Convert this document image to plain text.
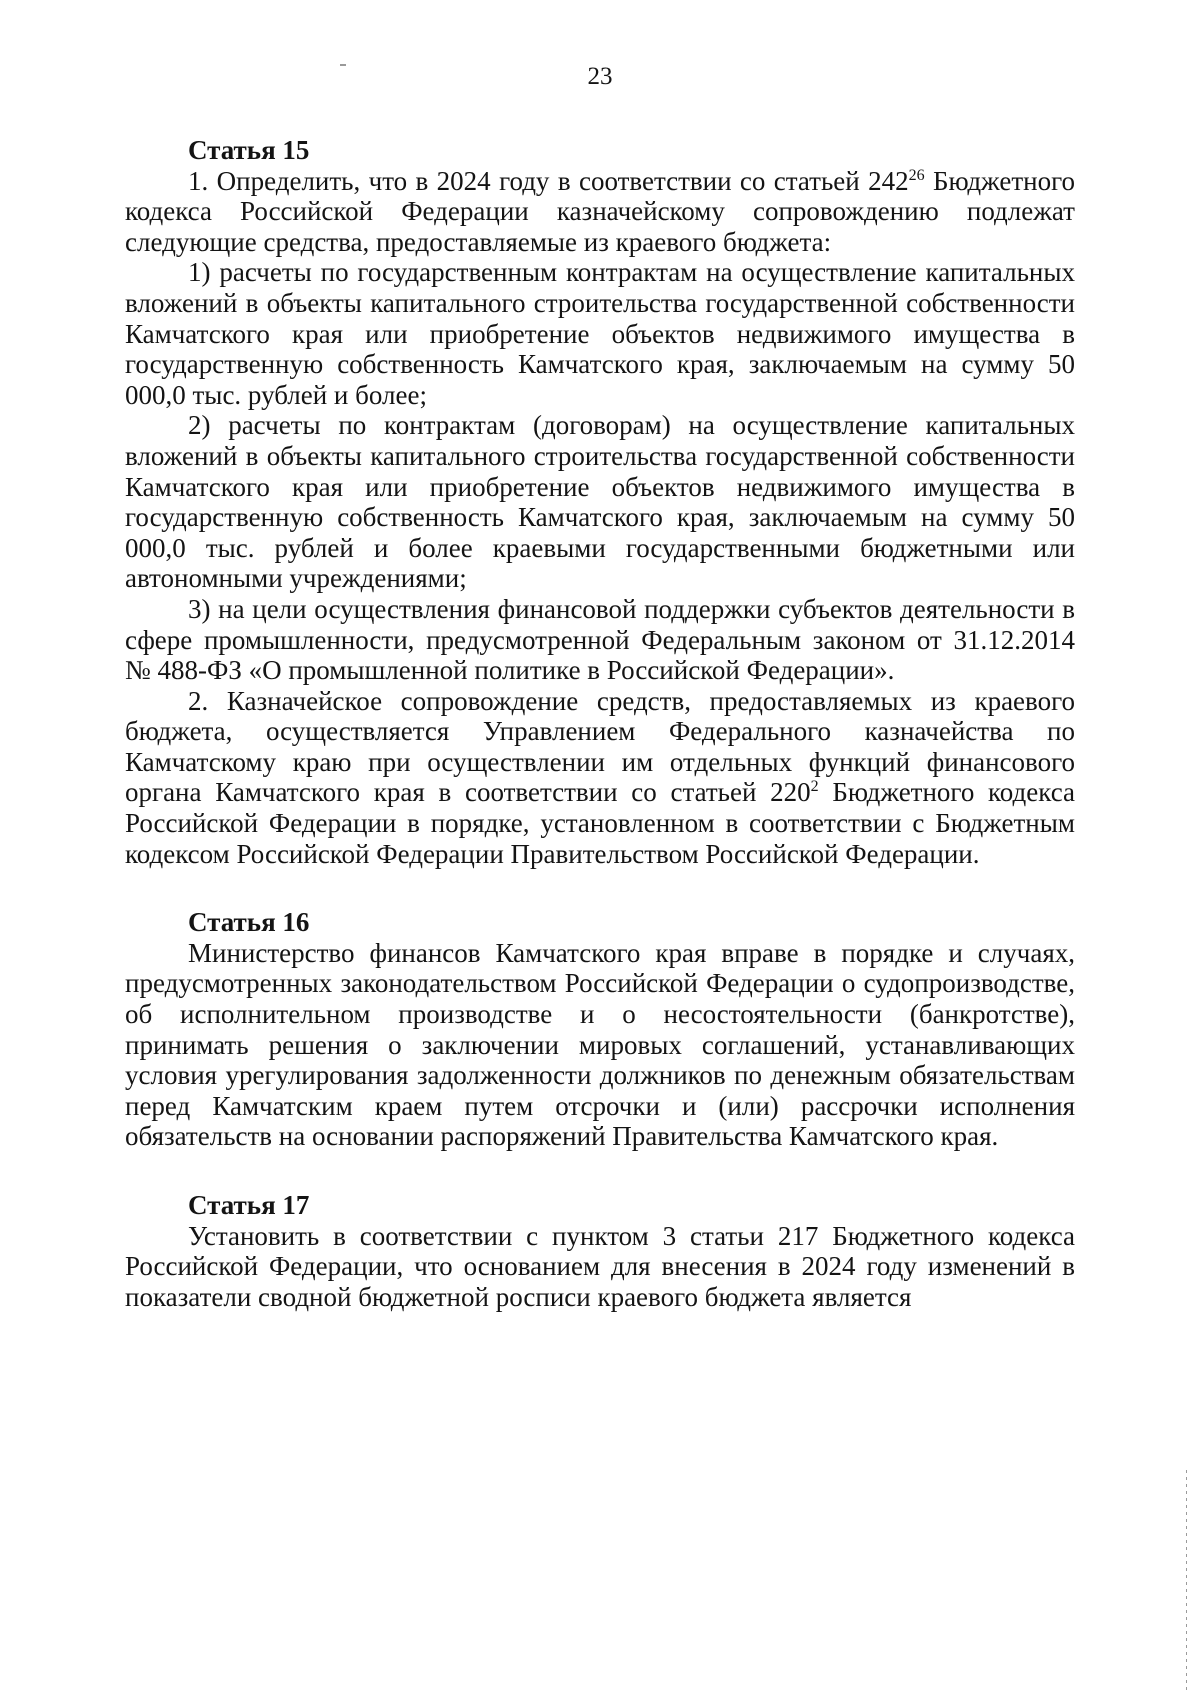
23

Статья 15

1. Определить, что в 2024 году в соответствии со статьей $242^{26}$ Бюджетного кодекса Российской Федерации казначейскому сопровождению подлежат следующие средства, предоставляемые из краевого бюджета:

1) расчеты по государственным контрактам на осуществление капитальных вложений в объекты капитального строительства государственной собственности Камчатского края или приобретение объектов недвижимого имущества в государственную собственность Камчатского края, заключаемым на сумму 50 000,0 тыс. рублей и более;

2) расчеты по контрактам (договорам) на осуществление капитальных вложений в объекты капитального строительства государственной собственности Камчатского края или приобретение объектов недвижимого имущества в государственную собственность Камчатского края, заключаемым на сумму 50 000,0 тыс. рублей и более краевыми государственными бюджетными или автономными учреждениями;

3) на цели осуществления финансовой поддержки субъектов деятельности в сфере промышленности, предусмотренной Федеральным законом от 31.12.2014 № 488-ФЗ «О промышленной политике в Российской Федерации».

2. Казначейское сопровождение средств, предоставляемых из краевого бюджета, осуществляется Управлением Федерального казначейства по Камчатскому краю при осуществлении им отдельных функций финансового органа Камчатского края в соответствии со статьей $220^2$ Бюджетного кодекса Российской Федерации в порядке, установленном в соответствии с Бюджетным кодексом Российской Федерации Правительством Российской Федерации.

Статья 16

Министерство финансов Камчатского края вправе в порядке и случаях, предусмотренных законодательством Российской Федерации о судопроизводстве, об исполнительном производстве и о несостоятельности (банкротстве), принимать решения о заключении мировых соглашений, устанавливающих условия урегулирования задолженности должников по денежным обязательствам перед Камчатским краем путем отсрочки и (или) рассрочки исполнения обязательств на основании распоряжений Правительства Камчатского края.

Статья 17

Установить в соответствии с пунктом 3 статьи 217 Бюджетного кодекса Российской Федерации, что основанием для внесения в 2024 году изменений в показатели сводной бюджетной росписи краевого бюджета является
